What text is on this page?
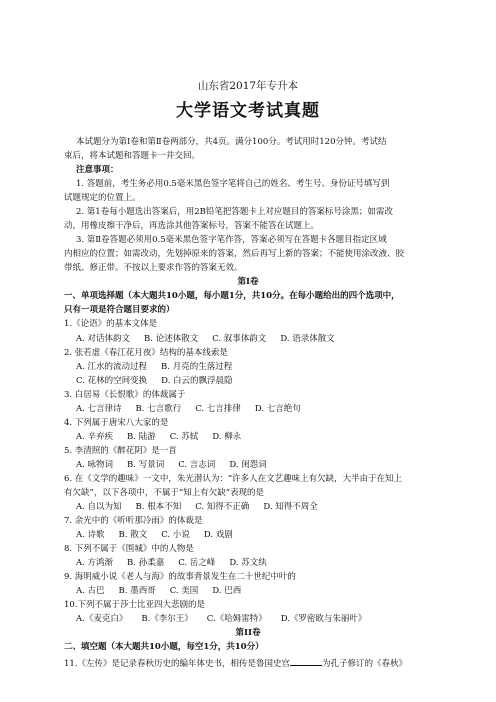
山东省2017年专升本
大学语文考试真题
本试题分为第Ⅰ卷和第Ⅱ卷两部分，共4页。满分100分。考试用时120分钟。考试结
束后，将本试题和答题卡一并交回。
注意事项：
1. 答题前，考生务必用0.5毫米黑色签字笔将自己的姓名、考生号、身份证号填写到
试题规定的位置上。
2. 第1卷每小题选出答案后，用2B铅笔把答题卡上对应题目的答案标号涂黑；如需改
动，用橡皮擦干净后，再选涂其他答案标号，答案不能答在试题上。
3. 第Ⅱ卷答题必须用0.5毫米黑色签字笔作答，答案必须写在答题卡各题目指定区域
内相应的位置；如需改动，先划掉原来的答案，然后再写上新的答案；不能使用涂改液、胶
带纸、修正带。不按以上要求作答的答案无效。
第I卷
一、单项选择题（本大题共10小题，每小题1分，共10分。在每小题给出的四个选项中，
只有一项是符合题目要求的）
1.《论语》的基本文体是
A. 对话体韵文 B. 论述体散文 C. 叙事体韵文 D. 语录体散文
2. 张若虚《春江花月夜》结构的基本线索是
A. 江水的流动过程 B. 月亮的生落过程
C. 花林的空间变换 D. 白云的飘浮晨隐
3. 白居易《长恨歌》的体裁属于
A. 七言律诗 B. 七言歌行 C. 七言排律 D. 七言绝句
4. 下列属于唐宋八大家的是
A. 辛弃疾 B. 陆游 C. 苏轼 D. 柳永
5. 李清照的《醉花阴》是一首
A. 咏物词 B. 写景词 C. 言志词 D. 闺怨词
6. 在《文学的趣味》一文中，朱光潜认为：“许多人在文艺趣味上有欠缺，大半由于在知上
有欠缺”，以下各项中，不属于“知上有欠缺”表现的是
A. 自以为知 B. 根本不知 C. 知得不正确 D. 知得不周全
7. 余光中的《听听那冷雨》的体裁是
A. 诗歌 B. 散文 C. 小说 D. 戏剧
8. 下列不属于《围城》中的人物是
A. 方鸿渐 B. 孙柔嘉 C. 岳之峰 D. 苏文纨
9. 海明威小说《老人与海》的故事背景发生在二十世纪中叶的
A. 古巴 B. 墨西哥 C. 美国 D. 巴西
10.下列不属于莎士比亚四大悲剧的是
A.《麦克白》 B.《李尔王》 C.《哈姆雷特》 D.《罗密欧与朱丽叶》
第II卷
二、填空题（本大题共10小题，每空1分，共10分）
11.《左传》是记录春秋历史的编年体史书，相传是鲁国史官	为孔子修订的《春秋》
